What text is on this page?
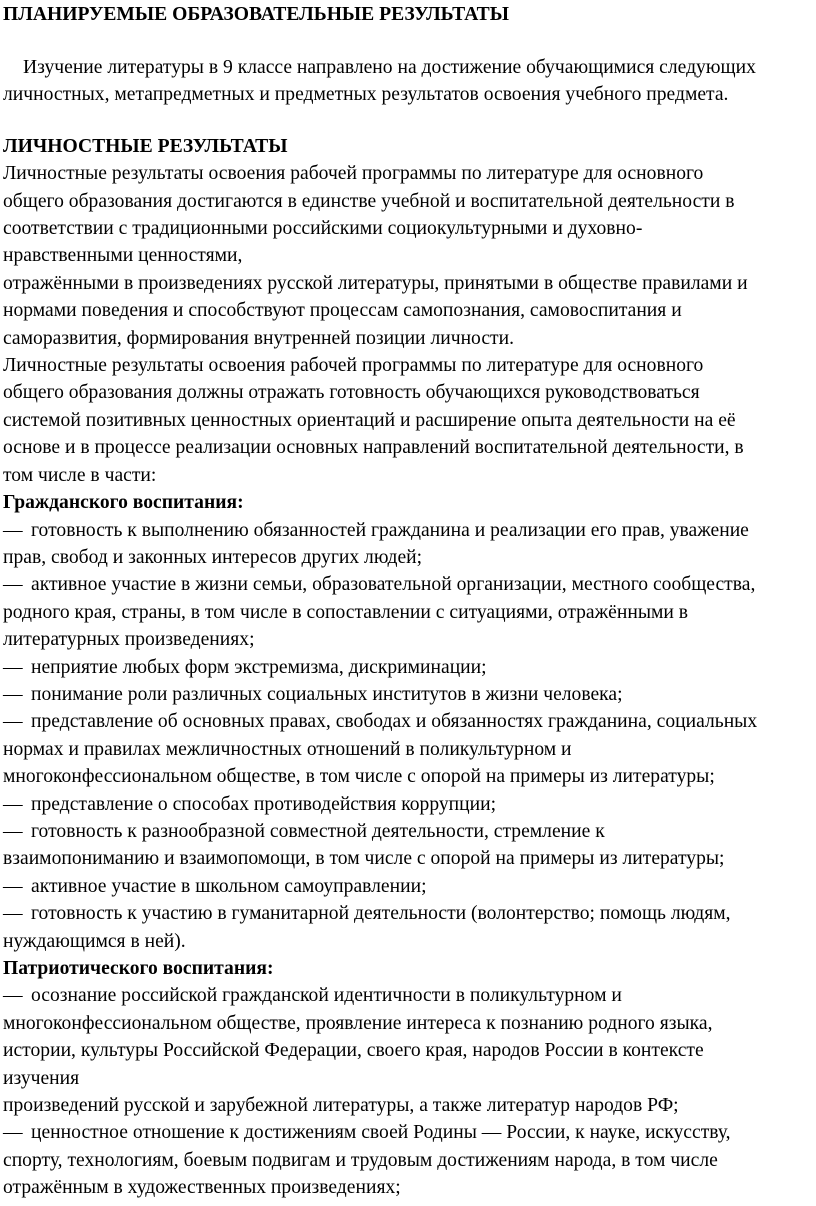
ПЛАНИРУЕМЫЕ ОБРАЗОВАТЕЛЬНЫЕ РЕЗУЛЬТАТЫ
Изучение литературы в 9 классе направлено на достижение обучающимися следующих
личностных, метапредметных и предметных результатов освоения учебного предмета.
ЛИЧНОСТНЫЕ РЕЗУЛЬТАТЫ
Личностные результаты освоения рабочей программы по литературе для основного
общего образования достигаются в единстве учебной и воспитательной деятельности в
соответствии с традиционными российскими социокультурными и духовно-
нравственными ценностями,
отражёнными в произведениях русской литературы, принятыми в обществе правилами и
нормами поведения и способствуют процессам самопознания, самовоспитания и
саморазвития, формирования внутренней позиции личности.
Личностные результаты освоения рабочей программы по литературе для основного
общего образования должны отражать готовность обучающихся руководствоваться
системой позитивных ценностных ориентаций и расширение опыта деятельности на её
основе и в процессе реализации основных направлений воспитательной деятельности, в
том числе в части:
Гражданского воспитания:
— готовность к выполнению обязанностей гражданина и реализации его прав, уважение
прав, свобод и законных интересов других людей;
— активное участие в жизни семьи, образовательной организации, местного сообщества,
родного края, страны, в том числе в сопоставлении с ситуациями, отражёнными в
литературных произведениях;
— неприятие любых форм экстремизма, дискриминации;
— понимание роли различных социальных институтов в жизни человека;
— представление об основных правах, свободах и обязанностях гражданина, социальных
нормах и правилах межличностных отношений в поликультурном и
многоконфессиональном обществе, в том числе с опорой на примеры из литературы;
— представление о способах противодействия коррупции;
— готовность к разнообразной совместной деятельности, стремление к
взаимопониманию и взаимопомощи, в том числе с опорой на примеры из литературы;
— активное участие в школьном самоуправлении;
— готовность к участию в гуманитарной деятельности (волонтерство; помощь людям,
нуждающимся в ней).
Патриотического воспитания:
— осознание российской гражданской идентичности в поликультурном и
многоконфессиональном обществе, проявление интереса к познанию родного языка,
истории, культуры Российской Федерации, своего края, народов России в контексте
изучения
произведений русской и зарубежной литературы, а также литератур народов РФ;
— ценностное отношение к достижениям своей Родины — России, к науке, искусству,
спорту, технологиям, боевым подвигам и трудовым достижениям народа, в том числе
отражённым в художественных произведениях;
